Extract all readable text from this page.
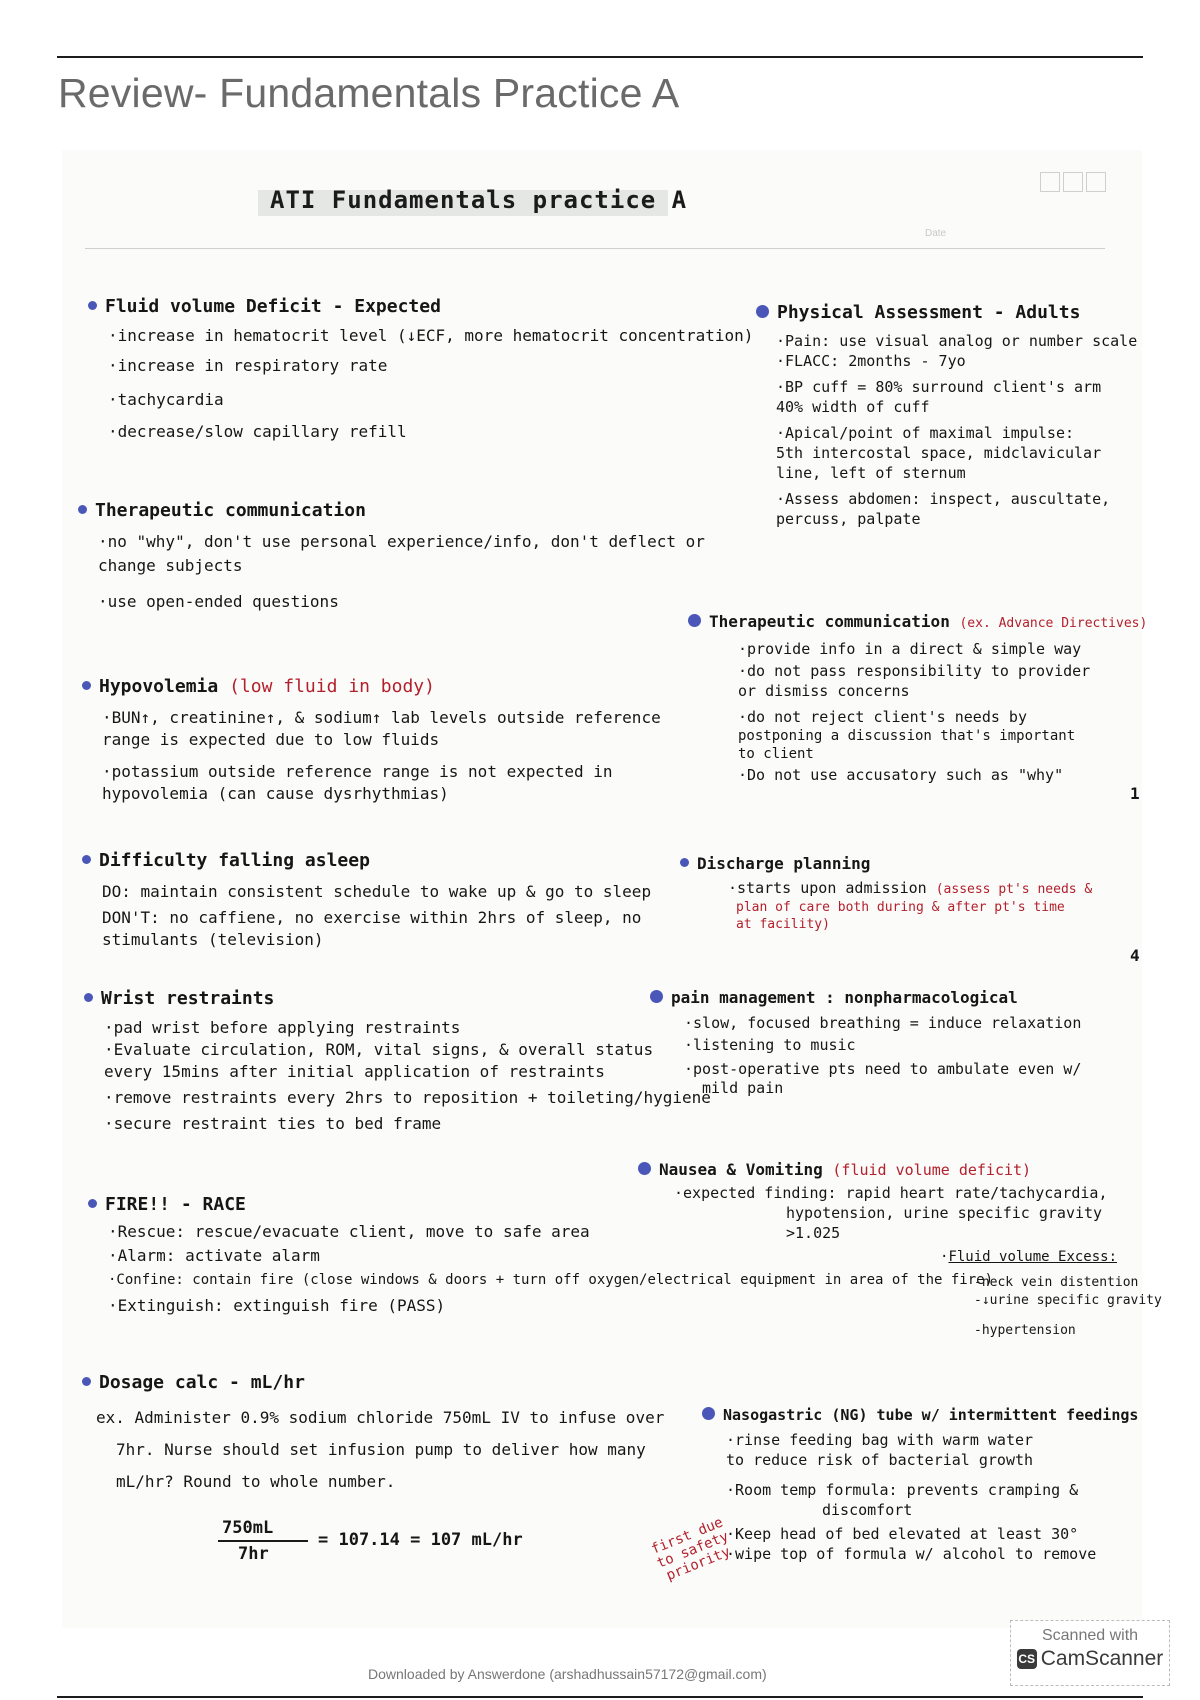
Review- Fundamentals Practice A
ATI Fundamentals practice A
Date
Fluid volume Deficit - Expected
·increase in hematocrit level (↓ECF, more hematocrit concentration)
·increase in respiratory rate
·tachycardia
·decrease/slow capillary refill
Therapeutic communication
·no "why", don't use personal experience/info, don't deflect or
change subjects
·use open-ended questions
Hypovolemia (low fluid in body)
·BUN↑, creatinine↑, & sodium↑ lab levels outside reference
range is expected due to low fluids
·potassium outside reference range is not expected in
hypovolemia (can cause dysrhythmias)
Difficulty falling asleep
DO: maintain consistent schedule to wake up & go to sleep
DON'T: no caffiene, no exercise within 2hrs of sleep, no
stimulants (television)
Wrist restraints
·pad wrist before applying restraints
·Evaluate circulation, ROM, vital signs, & overall status
every 15mins after initial application of restraints
·remove restraints every 2hrs to reposition + toileting/hygiene
·secure restraint ties to bed frame
FIRE!! - RACE
·Rescue: rescue/evacuate client, move to safe area
·Alarm: activate alarm
·Confine: contain fire (close windows & doors + turn off oxygen/electrical equipment in area of the fire)
·Extinguish: extinguish fire (PASS)
Dosage calc - mL/hr
ex. Administer 0.9% sodium chloride 750mL IV to infuse over
7hr. Nurse should set infusion pump to deliver how many
mL/hr? Round to whole number.
750mL
7hr
= 107.14 = 107 mL/hr	first due to safety priority
Physical Assessment - Adults
·Pain: use visual analog or number scale
·FLACC: 2months - 7yo
·BP cuff = 80% surround client's arm
40% width of cuff
·Apical/point of maximal impulse:
5th intercostal space, midclavicular
line, left of sternum
·Assess abdomen: inspect, auscultate,
percuss, palpate
Therapeutic communication (ex. Advance Directives)
·provide info in a direct & simple way
·do not pass responsibility to provider
or dismiss concerns
·do not reject client's needs by
postponing a discussion that's important
to client
·Do not use accusatory such as "why"
Discharge planning
·starts upon admission (assess pt's needs &
plan of care both during & after pt's time
at facility)
pain management : nonpharmacological
·slow, focused breathing = induce relaxation
·listening to music
·post-operative pts need to ambulate even w/
mild pain
Nausea & Vomiting (fluid volume deficit)
·expected finding: rapid heart rate/tachycardia,
hypotension, urine specific gravity
>1.025
·Fluid volume Excess:
-neck vein distention
-↓urine specific gravity
-hypertension
Nasogastric (NG) tube w/ intermittent feedings
·rinse feeding bag with warm water
to reduce risk of bacterial growth
·Room temp formula: prevents cramping &
discomfort
·Keep head of bed elevated at least 30°
·wipe top of formula w/ alcohol to remove
1
4
Scanned with
CS CamScanner
Downloaded by Answerdone (arshadhussain57172@gmail.com)
